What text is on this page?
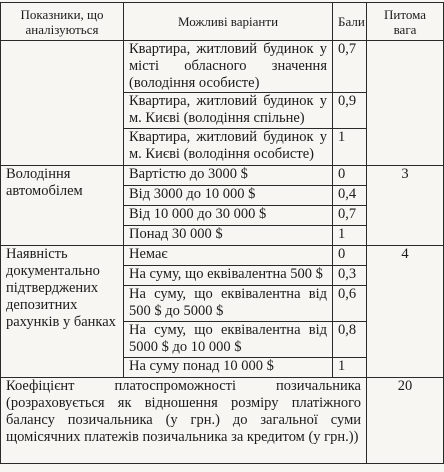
Показники, що аналізуються	Можливі варіанти	Бали	Питома вага
	Квартира, житловий будинок у місті обласного значення (володіння особисте)	0,7	
	Квартира, житловий будинок у м. Києві (володіння спільне)	0,9	
	Квартира, житловий будинок у м. Києві (володіння особисте)	1	
Володіння автомобілем	Вартістю до 3000 $	0	3
	Від 3000 до 10 000 $	0,4	
	Від 10 000 до 30 000 $	0,7	
	Понад 30 000 $	1	
Наявність документально підтверджених депозитних рахунків у банках	Немає	0	4
	На суму, що еквівалентна 500 $	0,3	
	На суму, що еквівалентна від 500 $ до 5000 $	0,6	
	На суму, що еквівалентна від 5000 $ до 10 000 $	0,8	
	На суму понад 10 000 $	1	
Коефіцієнт платоспроможності позичальника (розраховується як відношення розміру платіжного балансу позичальника (у грн.) до загальної суми щомісячних платежів позичальника за кредитом (у грн.))			20
